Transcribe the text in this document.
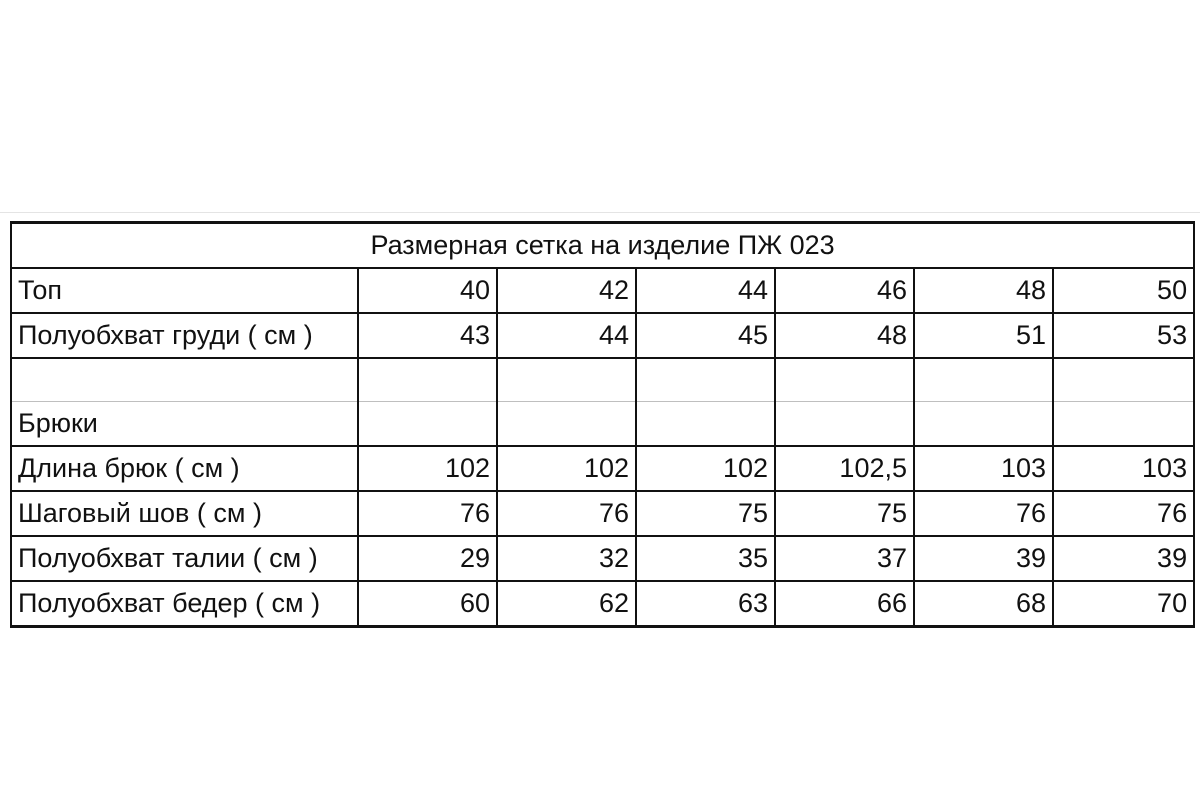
Размерная сетка на изделие ПЖ 023						
Топ	40	42	44	46	48	50
Полуобхват груди ( см )	43	44	45	48	51	53

Брюки						
Длина брюк ( см )	102	102	102	102,5	103	103
Шаговый шов ( см )	76	76	75	75	76	76
Полуобхват талии ( см )	29	32	35	37	39	39
Полуобхват бедер ( см )	60	62	63	66	68	70
